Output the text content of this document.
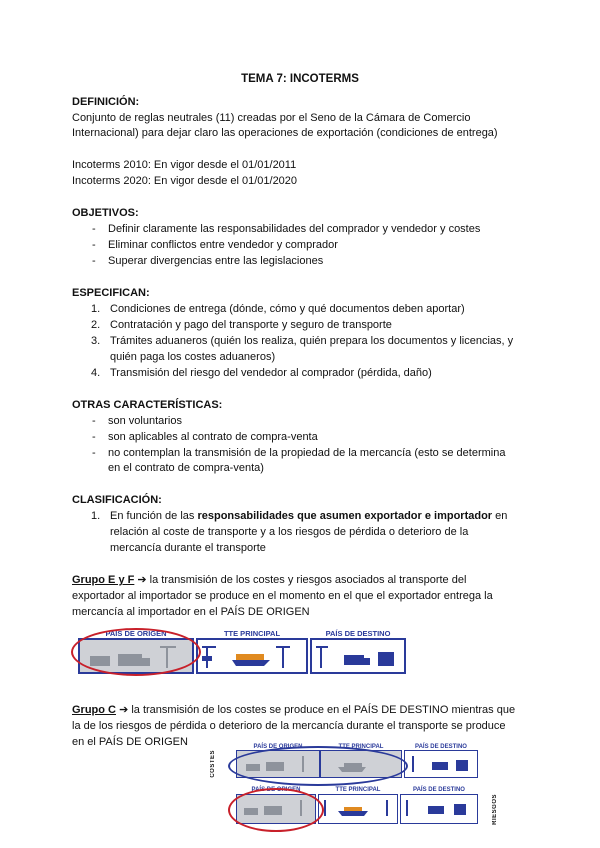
TEMA 7: INCOTERMS
DEFINICIÓN:
Conjunto de reglas neutrales (11) creadas por el Seno de la Cámara de Comercio
Internacional) para dejar claro las operaciones de exportación (condiciones de entrega)
Incoterms 2010: En vigor desde el 01/01/2011
Incoterms 2020: En vigor desde el 01/01/2020
OBJETIVOS:
- Definir claramente las responsabilidades del comprador y vendedor y costes
- Eliminar conflictos entre vendedor y comprador
- Superar divergencias entre las legislaciones
ESPECIFICAN:
1. Condiciones de entrega (dónde, cómo y qué documentos deben aportar)
2. Contratación y pago del transporte y seguro de transporte
3. Trámites aduaneros (quién los realiza, quién prepara los documentos y licencias, y
quién paga los costes aduaneros)
4. Transmisión del riesgo del vendedor al comprador (pérdida, daño)
OTRAS CARACTERÍSTICAS:
- son voluntarios
- son aplicables al contrato de compra-venta
- no contemplan la transmisión de la propiedad de la mercancía (esto se determina
en el contrato de compra-venta)
CLASIFICACIÓN:
1. En función de las responsabilidades que asumen exportador e importador en
relación al coste de transporte y a los riesgos de pérdida o deterioro de la
mercancía durante el transporte
Grupo E y F ➔ la transmisión de los costes y riesgos asociados al transporte del
exportador al importador se produce en el momento en el que el exportador entrega la
mercancía al importador en el PAÍS DE ORIGEN
PAÍS DE ORIGEN	TTE PRINCIPAL	PAÍS DE DESTINO
Grupo C ➔ la transmisión de los costes se produce en el PAÍS DE DESTINO mientras que
la de los riesgos de pérdida o deterioro de la mercancía durante el transporte se produce
en el PAÍS DE ORIGEN
COSTES
PAÍS DE ORIGEN	TTE PRINCIPAL	PAÍS DE DESTINO
PAÍS DE ORIGEN	TTE PRINCIPAL	PAÍS DE DESTINO
RIESGOS
